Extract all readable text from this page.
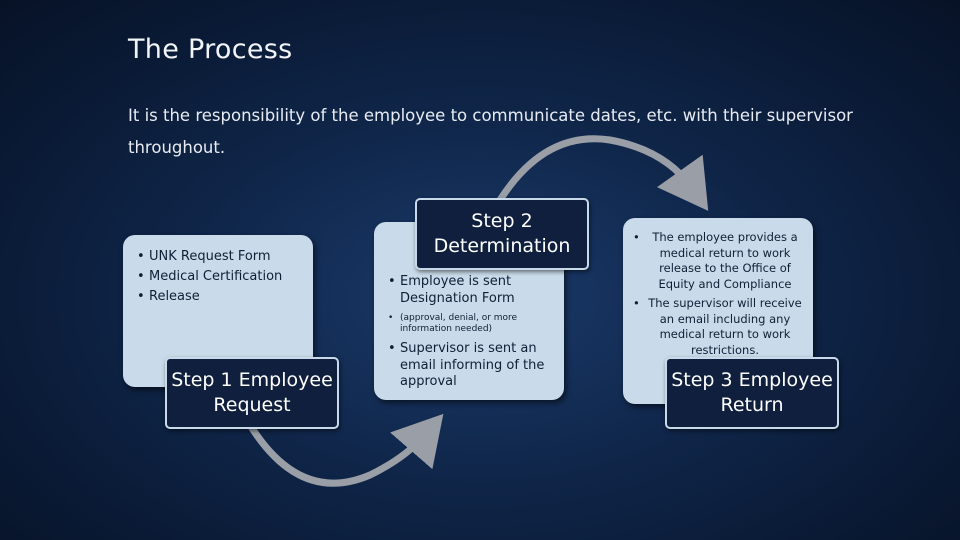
The Process

It is the responsibility of the employee to communicate dates, etc. with their supervisor throughout.

• UNK Request Form
• Medical Certification
• Release
Step 1 Employee
Request
• Employee is sent Designation Form
• (approval, denial, or more information needed)
• Supervisor is sent an email informing of the approval
Step 2
Determination
•	The employee provides a medical return to work release to the Office of Equity and Compliance
• The supervisor will receive an email including any medical return to work restrictions.
Step 3 Employee
Return
